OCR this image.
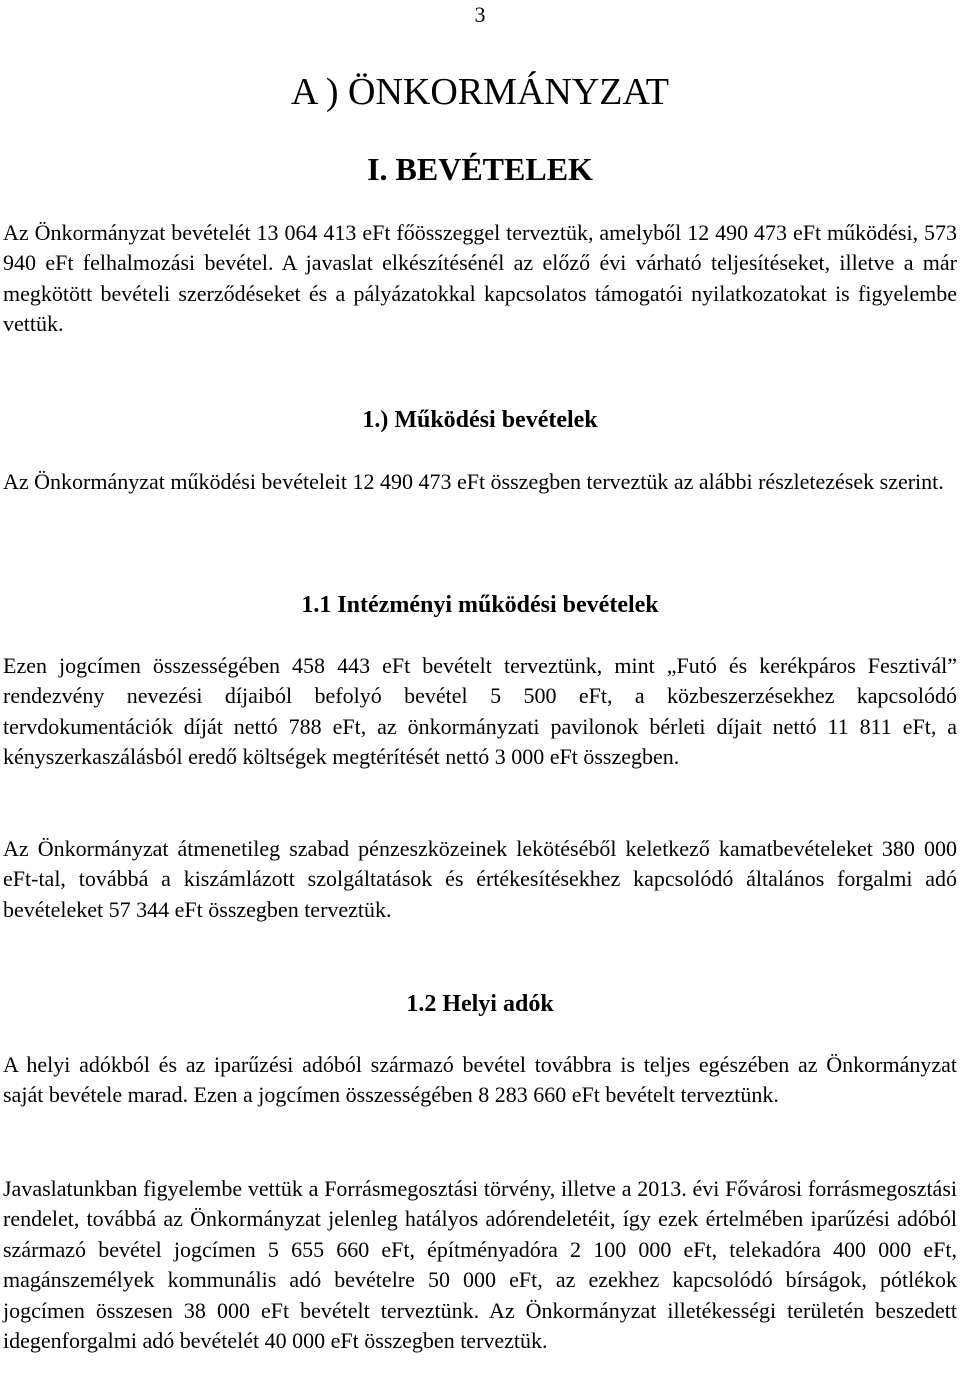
3
A ) ÖNKORMÁNYZAT
I. BEVÉTELEK

Az Önkormányzat bevételét 13 064 413 eFt főösszeggel terveztük, amelyből 12 490 473 eFt működési, 573 940 eFt felhalmozási bevétel. A javaslat elkészítésénél az előző évi várható teljesítéseket, illetve a már megkötött bevételi szerződéseket és a pályázatokkal kapcsolatos támogatói nyilatkozatokat is figyelembe vettük.

1.) Működési bevételek

Az Önkormányzat működési bevételeit 12 490 473 eFt összegben terveztük az alábbi részletezések szerint.

1.1 Intézményi működési bevételek

Ezen jogcímen összességében 458 443 eFt bevételt terveztünk, mint „Futó és kerékpáros Fesztivál” rendezvény nevezési díjaiból befolyó bevétel 5 500 eFt, a közbeszerzésekhez kapcsolódó tervdokumentációk díját nettó 788 eFt, az önkormányzati pavilonok bérleti díjait nettó 11 811 eFt, a kényszerkaszálásból eredő költségek megtérítését nettó 3 000 eFt összegben.

Az Önkormányzat átmenetileg szabad pénzeszközeinek lekötéséből keletkező kamatbevételeket 380 000 eFt-tal, továbbá a kiszámlázott szolgáltatások és értékesítésekhez kapcsolódó általános forgalmi adó bevételeket 57 344 eFt összegben terveztük.

1.2 Helyi adók

A helyi adókból és az iparűzési adóból származó bevétel továbbra is teljes egészében az Önkormányzat saját bevétele marad. Ezen a jogcímen összességében 8 283 660 eFt bevételt terveztünk.

Javaslatunkban figyelembe vettük a Forrásmegosztási törvény, illetve a 2013. évi Fővárosi forrásmegosztási rendelet, továbbá az Önkormányzat jelenleg hatályos adórendeletéit, így ezek értelmében iparűzési adóból származó bevétel jogcímen 5 655 660 eFt, építményadóra 2 100 000 eFt, telekadóra 400 000 eFt, magánszemélyek kommunális adó bevételre 50 000 eFt, az ezekhez kapcsolódó bírságok, pótlékok jogcímen összesen 38 000 eFt bevételt terveztünk. Az Önkormányzat illetékességi területén beszedett idegenforgalmi adó bevételét 40 000 eFt összegben terveztük.
